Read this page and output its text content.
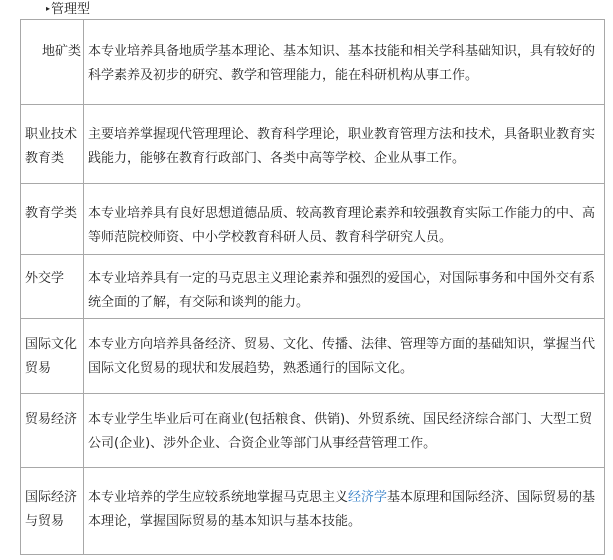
▸管理型
地矿类	本专业培养具备地质学基本理论、基本知识、基本技能和相关学科基础知识，具有较好的科学素养及初步的研究、教学和管理能力，能在科研机构从事工作。

职业技术教育类	主要培养掌握现代管理理论、教育科学理论，职业教育管理方法和技术，具备职业教育实践能力，能够在教育行政部门、各类中高等学校、企业从事工作。

教育学类	本专业培养具有良好思想道德品质、较高教育理论素养和较强教育实际工作能力的中、高等师范院校师资、中小学校教育科研人员、教育科学研究人员。

外交学	本专业培养具有一定的马克思主义理论素养和强烈的爱国心，对国际事务和中国外交有系统全面的了解，有交际和谈判的能力。

国际文化贸易	本专业方向培养具备经济、贸易、文化、传播、法律、管理等方面的基础知识，掌握当代国际文化贸易的现状和发展趋势，熟悉通行的国际文化。

贸易经济	本专业学生毕业后可在商业(包括粮食、供销)、外贸系统、国民经济综合部门、大型工贸公司(企业)、涉外企业、合资企业等部门从事经营管理工作。

国际经济与贸易	本专业培养的学生应较系统地掌握马克思主义经济学基本原理和国际经济、国际贸易的基本理论，掌握国际贸易的基本知识与基本技能。
